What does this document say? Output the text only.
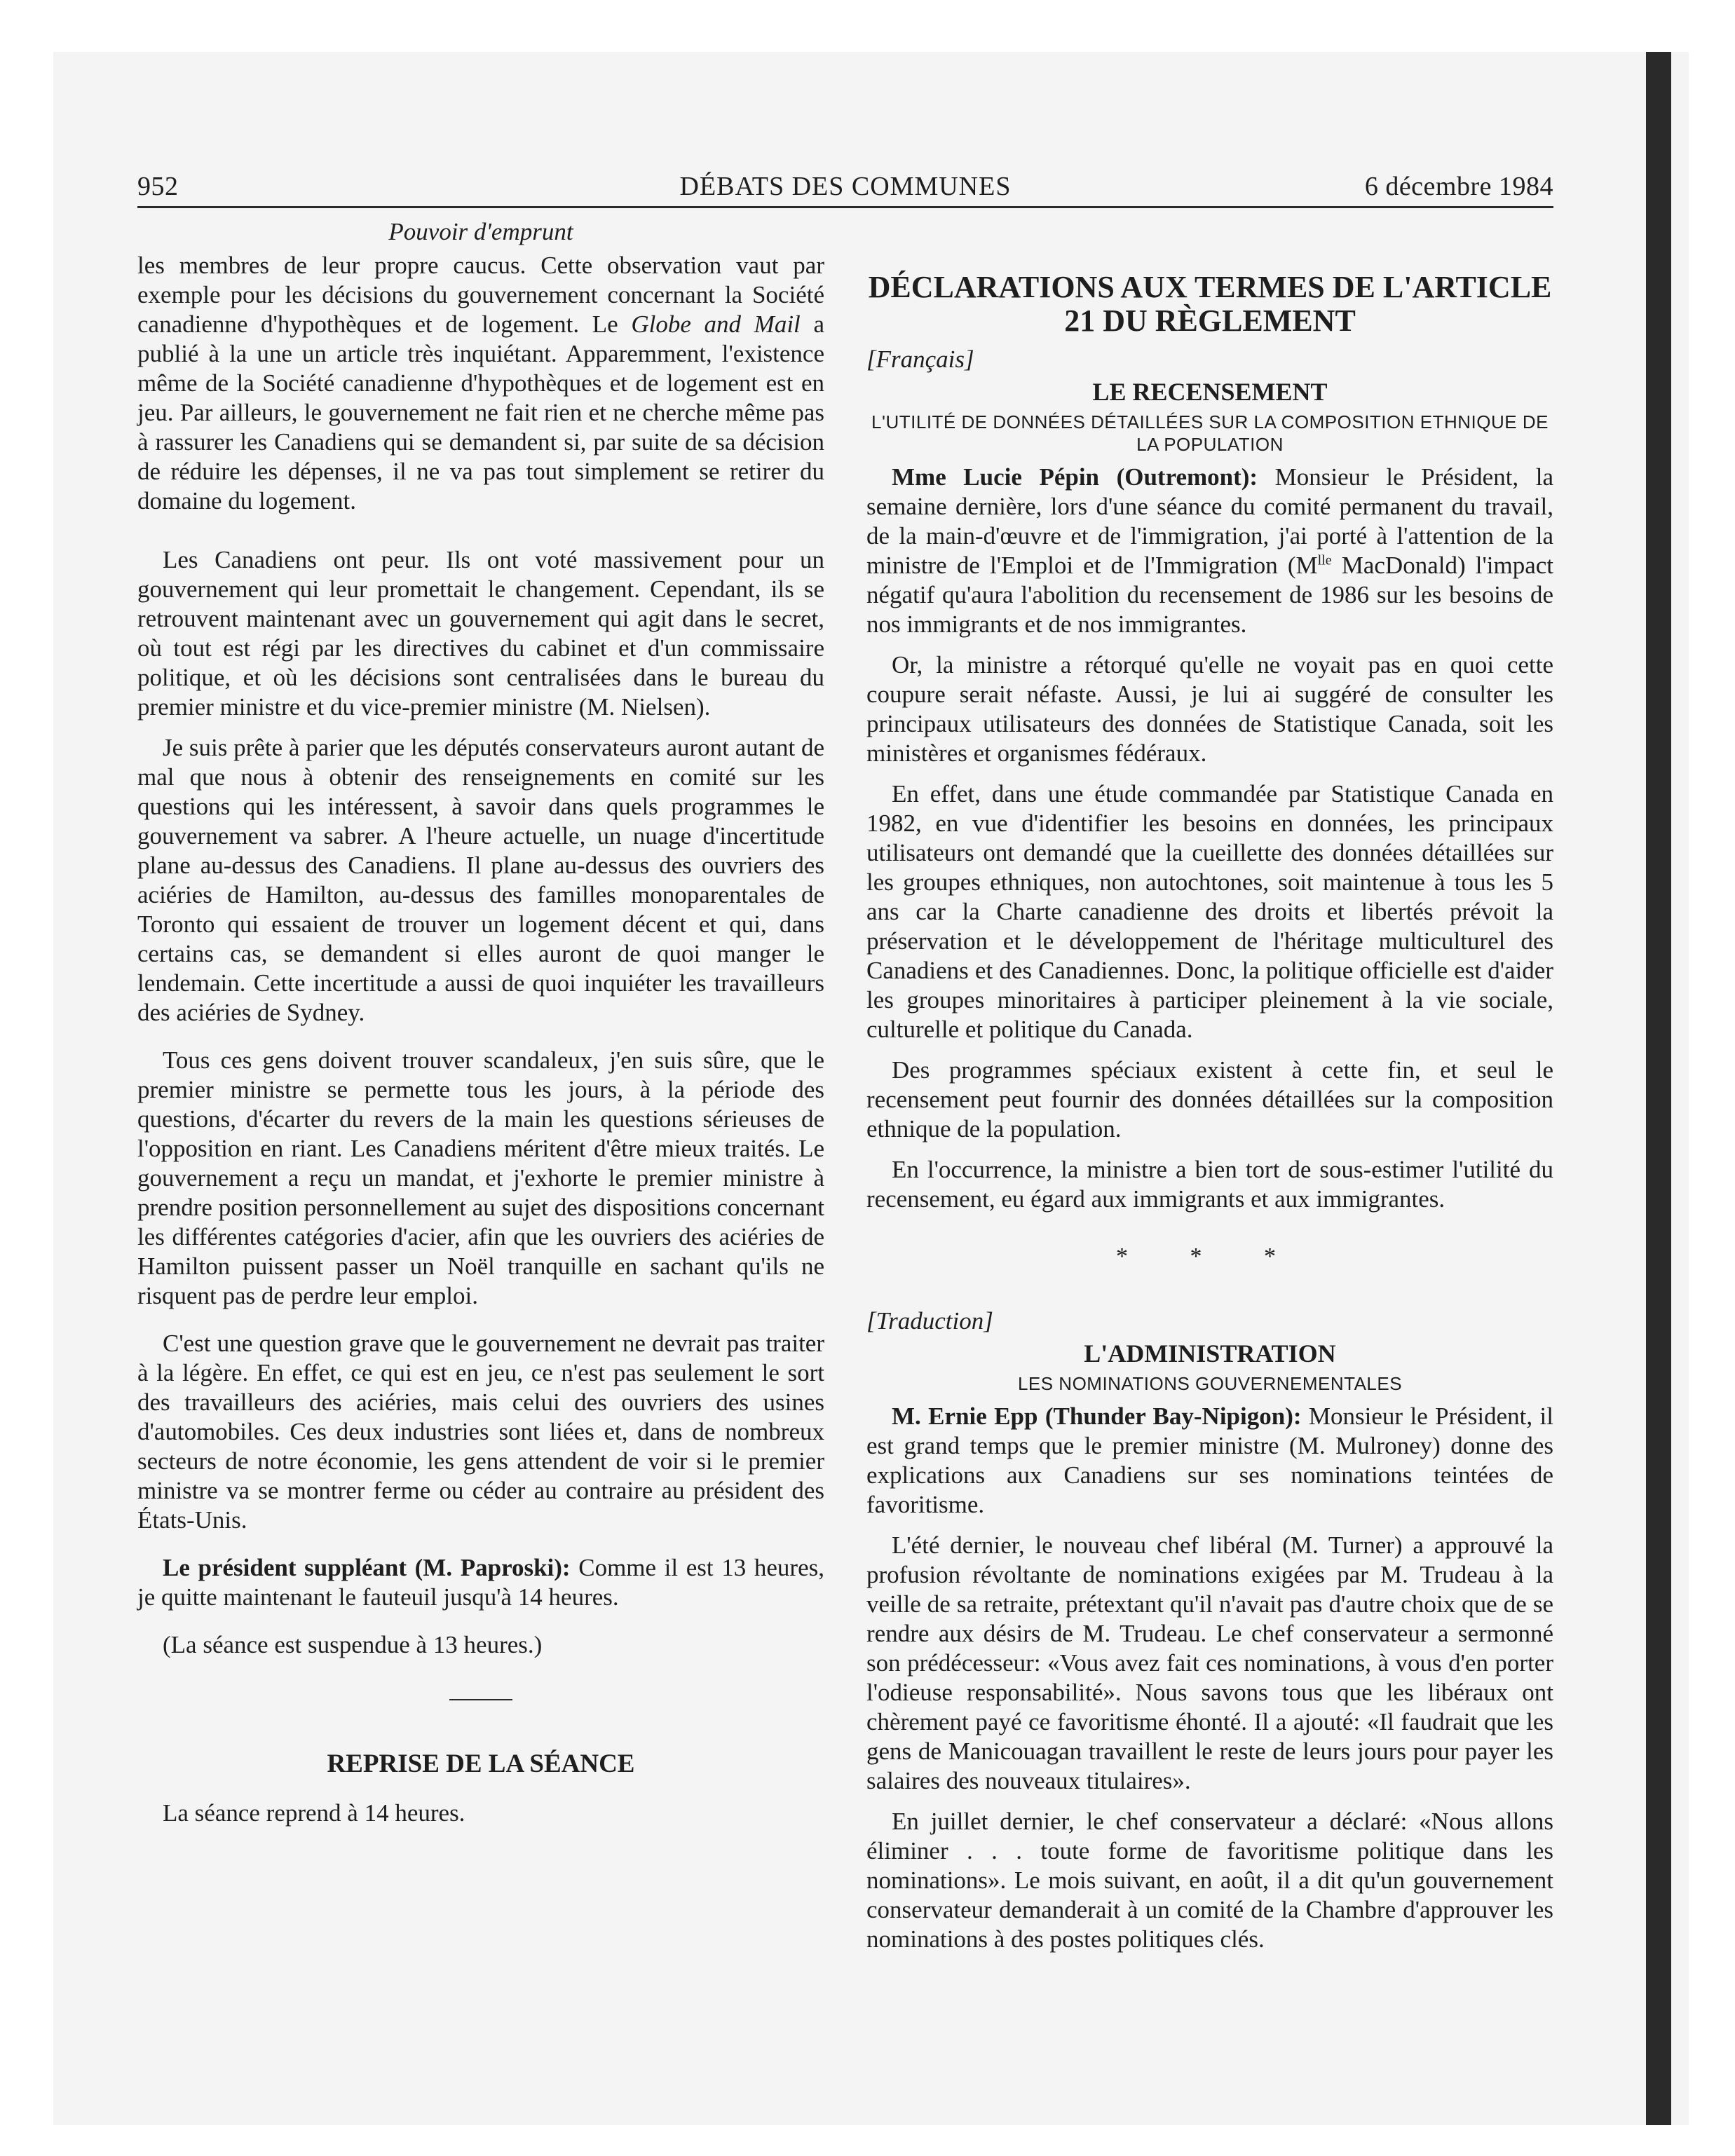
952	DÉBATS DES COMMUNES	6 décembre 1984
Pouvoir d'emprunt

les membres de leur propre caucus. Cette observation vaut par exemple pour les décisions du gouvernement concernant la Société canadienne d'hypothèques et de logement. Le Globe and Mail a publié à la une un article très inquiétant. Apparemment, l'existence même de la Société canadienne d'hypothèques et de logement est en jeu. Par ailleurs, le gouvernement ne fait rien et ne cherche même pas à rassurer les Canadiens qui se demandent si, par suite de sa décision de réduire les dépenses, il ne va pas tout simplement se retirer du domaine du logement.

Les Canadiens ont peur. Ils ont voté massivement pour un gouvernement qui leur promettait le changement. Cependant, ils se retrouvent maintenant avec un gouvernement qui agit dans le secret, où tout est régi par les directives du cabinet et d'un commissaire politique, et où les décisions sont centralisées dans le bureau du premier ministre et du vice-premier ministre (M. Nielsen).

Je suis prête à parier que les députés conservateurs auront autant de mal que nous à obtenir des renseignements en comité sur les questions qui les intéressent, à savoir dans quels programmes le gouvernement va sabrer. A l'heure actuelle, un nuage d'incertitude plane au-dessus des Canadiens. Il plane au-dessus des ouvriers des aciéries de Hamilton, au-dessus des familles monoparentales de Toronto qui essaient de trouver un logement décent et qui, dans certains cas, se demandent si elles auront de quoi manger le lendemain. Cette incertitude a aussi de quoi inquiéter les travailleurs des aciéries de Sydney.

Tous ces gens doivent trouver scandaleux, j'en suis sûre, que le premier ministre se permette tous les jours, à la période des questions, d'écarter du revers de la main les questions sérieuses de l'opposition en riant. Les Canadiens méritent d'être mieux traités. Le gouvernement a reçu un mandat, et j'exhorte le premier ministre à prendre position personnellement au sujet des dispositions concernant les différentes catégories d'acier, afin que les ouvriers des aciéries de Hamilton puissent passer un Noël tranquille en sachant qu'ils ne risquent pas de perdre leur emploi.

C'est une question grave que le gouvernement ne devrait pas traiter à la légère. En effet, ce qui est en jeu, ce n'est pas seulement le sort des travailleurs des aciéries, mais celui des ouvriers des usines d'automobiles. Ces deux industries sont liées et, dans de nombreux secteurs de notre économie, les gens attendent de voir si le premier ministre va se montrer ferme ou céder au contraire au président des États-Unis.

Le président suppléant (M. Paproski): Comme il est 13 heures, je quitte maintenant le fauteuil jusqu'à 14 heures.

(La séance est suspendue à 13 heures.)

REPRISE DE LA SÉANCE

La séance reprend à 14 heures.

DÉCLARATIONS AUX TERMES DE L'ARTICLE 21 DU RÈGLEMENT
[Français]
LE RECENSEMENT
L'UTILITÉ DE DONNÉES DÉTAILLÉES SUR LA COMPOSITION ETHNIQUE DE LA POPULATION

Mme Lucie Pépin (Outremont): Monsieur le Président, la semaine dernière, lors d'une séance du comité permanent du travail, de la main-d'œuvre et de l'immigration, j'ai porté à l'attention de la ministre de l'Emploi et de l'Immigration ($M^{lle}$ MacDonald) l'impact négatif qu'aura l'abolition du recensement de 1986 sur les besoins de nos immigrants et de nos immigrantes.

Or, la ministre a rétorqué qu'elle ne voyait pas en quoi cette coupure serait néfaste. Aussi, je lui ai suggéré de consulter les principaux utilisateurs des données de Statistique Canada, soit les ministères et organismes fédéraux.

En effet, dans une étude commandée par Statistique Canada en 1982, en vue d'identifier les besoins en données, les principaux utilisateurs ont demandé que la cueillette des données détaillées sur les groupes ethniques, non autochtones, soit maintenue à tous les 5 ans car la Charte canadienne des droits et libertés prévoit la préservation et le développement de l'héritage multiculturel des Canadiens et des Canadiennes. Donc, la politique officielle est d'aider les groupes minoritaires à participer pleinement à la vie sociale, culturelle et politique du Canada.

Des programmes spéciaux existent à cette fin, et seul le recensement peut fournir des données détaillées sur la composition ethnique de la population.

En l'occurrence, la ministre a bien tort de sous-estimer l'utilité du recensement, eu égard aux immigrants et aux immigrantes.

* * *
[Traduction]
L'ADMINISTRATION
LES NOMINATIONS GOUVERNEMENTALES

M. Ernie Epp (Thunder Bay-Nipigon): Monsieur le Président, il est grand temps que le premier ministre (M. Mulroney) donne des explications aux Canadiens sur ses nominations teintées de favoritisme.

L'été dernier, le nouveau chef libéral (M. Turner) a approuvé la profusion révoltante de nominations exigées par M. Trudeau à la veille de sa retraite, prétextant qu'il n'avait pas d'autre choix que de se rendre aux désirs de M. Trudeau. Le chef conservateur a sermonné son prédécesseur: «Vous avez fait ces nominations, à vous d'en porter l'odieuse responsabilité». Nous savons tous que les libéraux ont chèrement payé ce favoritisme éhonté. Il a ajouté: «Il faudrait que les gens de Manicouagan travaillent le reste de leurs jours pour payer les salaires des nouveaux titulaires».

En juillet dernier, le chef conservateur a déclaré: «Nous allons éliminer . . . toute forme de favoritisme politique dans les nominations». Le mois suivant, en août, il a dit qu'un gouvernement conservateur demanderait à un comité de la Chambre d'approuver les nominations à des postes politiques clés.
